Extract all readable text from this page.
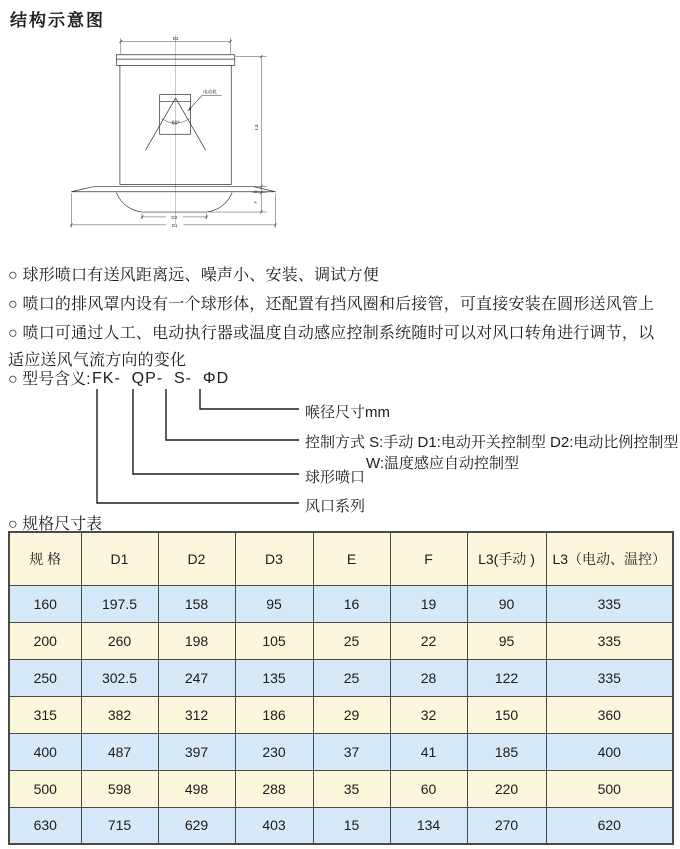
结构示意图
D2
L3
E
F
D3
D1
60°
电动机
○ 球形喷口有送风距离远、噪声小、安装、调试方便
○ 喷口的排风罩内设有一个球形体，还配置有挡风圈和后接管，可直接安装在圆形送风管上
○ 喷口可通过人工、电动执行器或温度自动感应控制系统随时可以对风口转角进行调节，以
适应送风气流方向的变化
○ 型号含义: FK-  QP-  S-  ΦD
喉径尺寸mm
控制方式 S:手动 D1:电动开关控制型 D2:电动比例控制型
W:温度感应自动控制型
球形喷口
风口系列
○ 规格尺寸表
规 格	D1	D2	D3	E	F	L3(手动 )	L3（电动、温控）
160	197.5	158	95	16	19	90	335
200	260	198	105	25	22	95	335
250	302.5	247	135	25	28	122	335
315	382	312	186	29	32	150	360
400	487	397	230	37	41	185	400
500	598	498	288	35	60	220	500
630	715	629	403	15	134	270	620
